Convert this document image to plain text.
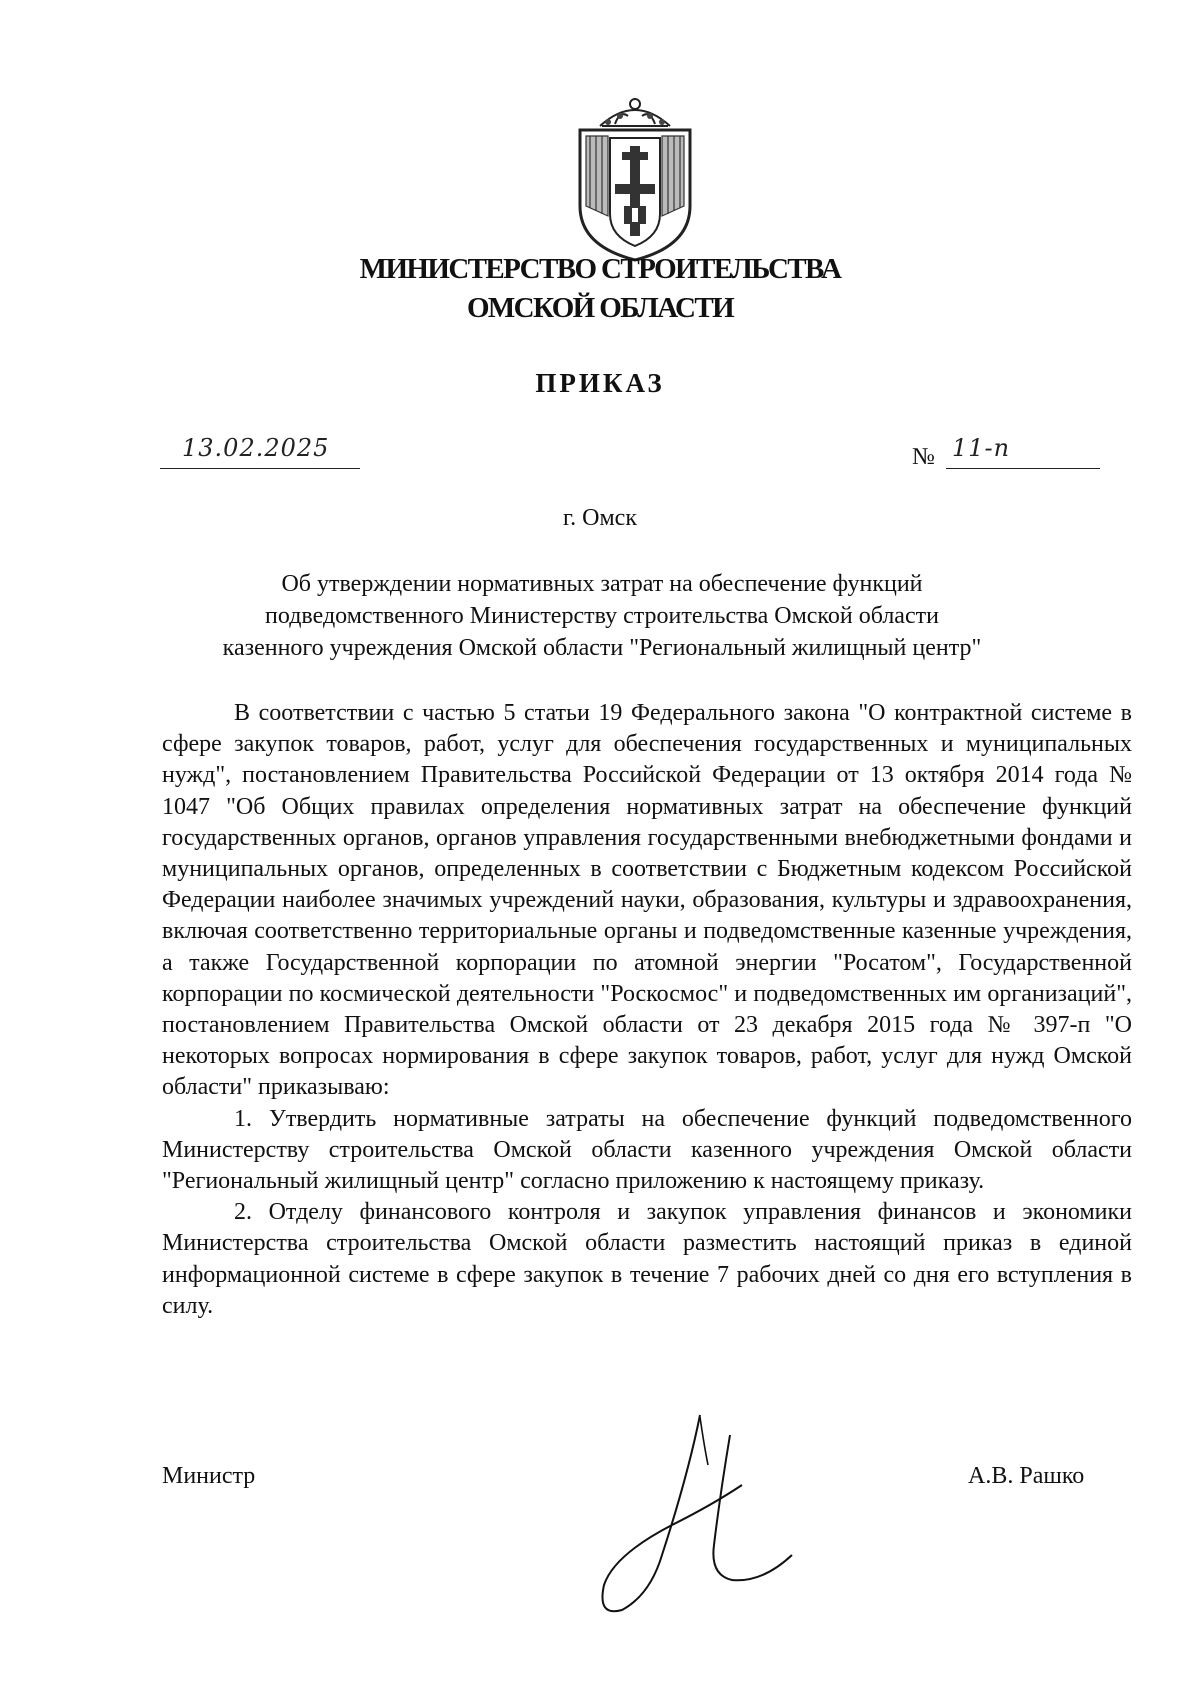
МИНИСТЕРСТВО СТРОИТЕЛЬСТВА
ОМСКОЙ ОБЛАСТИ
ПРИКАЗ
13.02.2025	№ 11-п
г. Омск
Об утверждении нормативных затрат на обеспечение функций
подведомственного Министерству строительства Омской области
казенного учреждения Омской области "Региональный жилищный центр"

В соответствии с частью 5 статьи 19 Федерального закона "О контрактной системе в сфере закупок товаров, работ, услуг для обеспечения государственных и муниципальных нужд", постановлением Правительства Российской Федерации от 13 октября 2014 года № 1047 "Об Общих правилах определения нормативных затрат на обеспечение функций государственных органов, органов управления государственными внебюджетными фондами и муниципальных органов, определенных в соответствии с Бюджетным кодексом Российской Федерации наиболее значимых учреждений науки, образования, культуры и здравоохранения, включая соответственно территориальные органы и подведомственные казенные учреждения, а также Государственной корпорации по атомной энергии "Росатом", Государственной корпорации по космической деятельности "Роскосмос" и подведомственных им организаций", постановлением Правительства Омской области от 23 декабря 2015 года № 397-п "О некоторых вопросах нормирования в сфере закупок товаров, работ, услуг для нужд Омской области" приказываю:

1. Утвердить нормативные затраты на обеспечение функций подведомственного Министерству строительства Омской области казенного учреждения Омской области "Региональный жилищный центр" согласно приложению к настоящему приказу.

2. Отделу финансового контроля и закупок управления финансов и экономики Министерства строительства Омской области разместить настоящий приказ в единой информационной системе в сфере закупок в течение 7 рабочих дней со дня его вступления в силу.

Министр	А.В. Рашко
